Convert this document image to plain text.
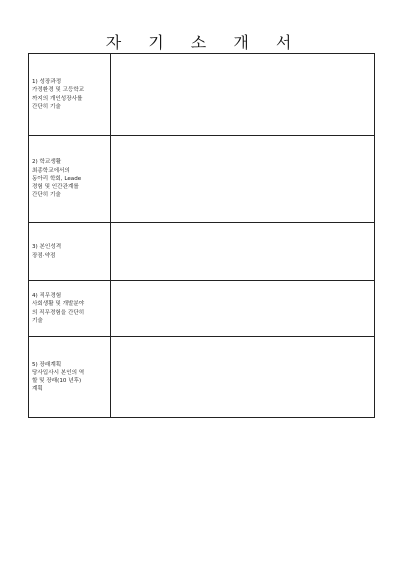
자 기 소 개 서
1) 성장과정
가정환경 및 고등학교
까지의 개인성장사를
간단히 기술	

2) 학교생활
최종학교에서의
동아리 학회, Leade
경험 및 인간관계를
간단히 기술	

3) 본인성격
장점·약점	

4) 직무경험
사회생활 및 개발분야
의 직무경험을 간단히
기술	

5) 장래계획
당사입사시 본인의 역
할 및 장래(10 년후)
계획	
